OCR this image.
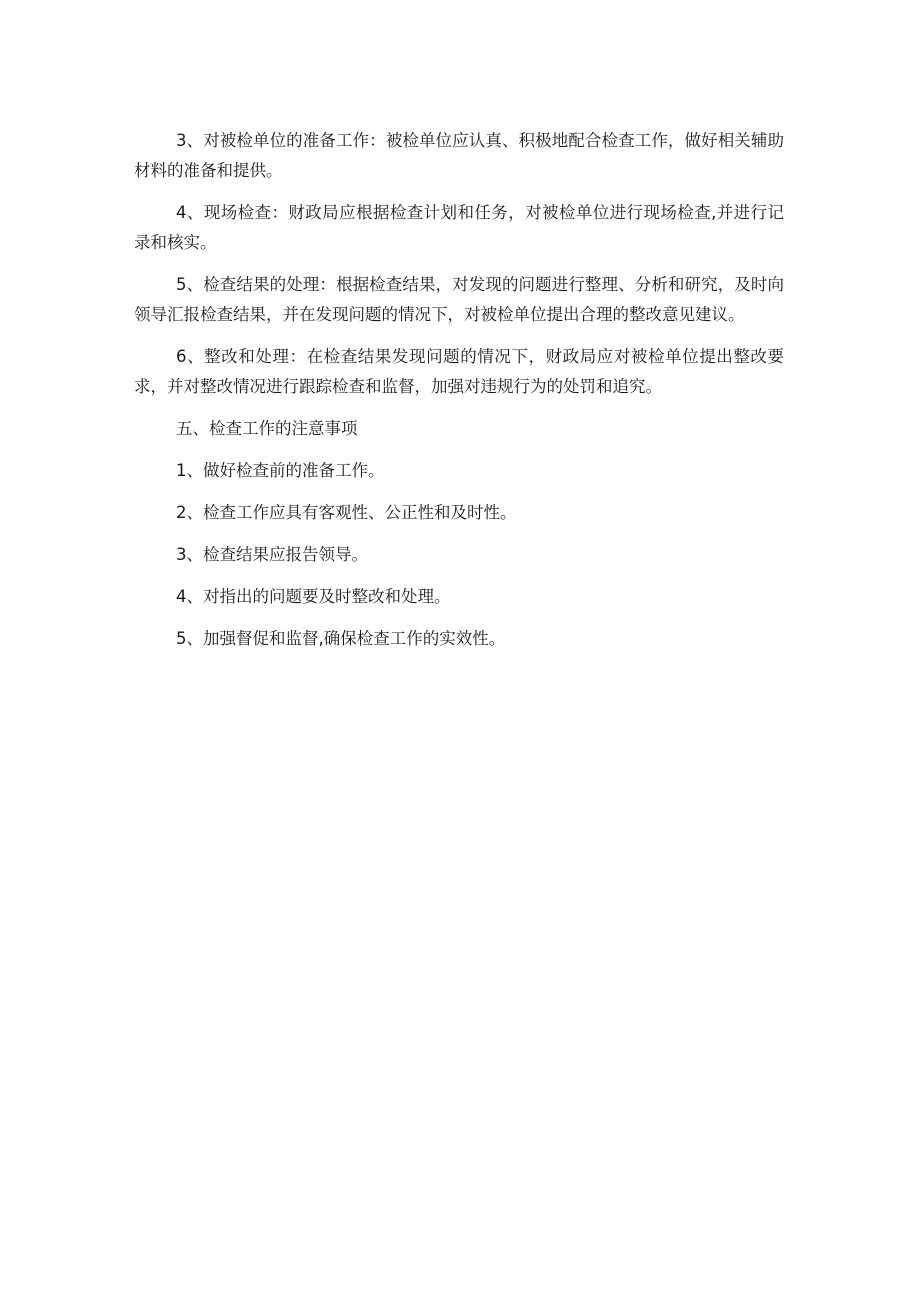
3、对被检单位的准备工作：被检单位应认真、积极地配合检查工作，做好相关辅助材料的准备和提供。

4、现场检查：财政局应根据检查计划和任务，对被检单位进行现场检查,并进行记录和核实。

5、检查结果的处理：根据检查结果，对发现的问题进行整理、分析和研究，及时向领导汇报检查结果，并在发现问题的情况下，对被检单位提出合理的整改意见建议。

6、整改和处理：在检查结果发现问题的情况下，财政局应对被检单位提出整改要求，并对整改情况进行跟踪检查和监督，加强对违规行为的处罚和追究。

五、检查工作的注意事项

1、做好检查前的准备工作。

2、检查工作应具有客观性、公正性和及时性。

3、检查结果应报告领导。

4、对指出的问题要及时整改和处理。

5、加强督促和监督,确保检查工作的实效性。
